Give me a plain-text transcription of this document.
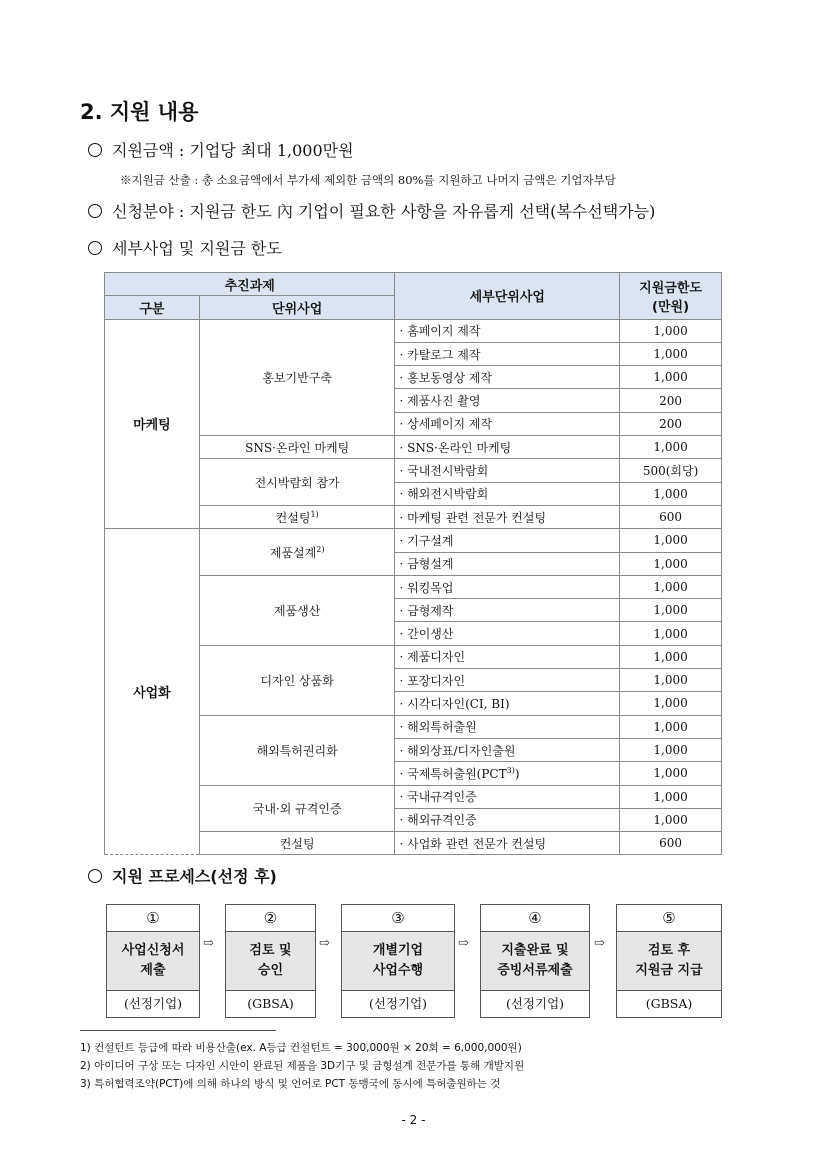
2. 지원 내용
지원금액 : 기업당 최대 1,000만원
※지원금 산출 : 총 소요금액에서 부가세 제외한 금액의 80%를 지원하고 나머지 금액은 기업자부담
신청분야 : 지원금 한도 內 기업이 필요한 사항을 자유롭게 선택(복수선택가능)
세부사업 및 지원금 한도
추진과제		세부단위사업	지원금한도
(만원)
구분	단위사업		
마케팅	홍보기반구축	· 홈페이지 제작	1,000
		· 카탈로그 제작	1,000
		· 홍보동영상 제작	1,000
		· 제품사진 촬영	200
		· 상세페이지 제작	200
	SNS·온라인 마케팅	· SNS·온라인 마케팅	1,000
	전시박람회 참가	· 국내전시박람회	500(회당)
		· 해외전시박람회	1,000
	컨설팅$^{1)}$	· 마케팅 관련 전문가 컨설팅	600
사업화	제품설계$^{2)}$	· 기구설계	1,000
		· 금형설계	1,000
	제품생산	· 워킹목업	1,000
		· 금형제작	1,000
		· 간이생산	1,000
	디자인 상품화	· 제품디자인	1,000
		· 포장디자인	1,000
		· 시각디자인(CI, BI)	1,000
	해외특허권리화	· 해외특허출원	1,000
		· 해외상표/디자인출원	1,000
		· 국제특허출원(PCT$^{3)}$)	1,000
	국내·외 규격인증	· 국내규격인증	1,000
		· 해외규격인증	1,000
	컨설팅	· 사업화 관련 전문가 컨설팅	600
지원 프로세스(선정 후)
①
사업신청서
제출
(선정기업)
⇨
②
검토 및
승인
(GBSA)
⇨
③
개별기업
사업수행
(선정기업)
⇨
④
지출완료 및
증빙서류제출
(선정기업)
⇨
⑤
검토 후
지원금 지급
(GBSA)
1) 컨설턴트 등급에 따라 비용산출(ex. A등급 컨설턴트 = 300,000원 × 20회 = 6,000,000원)
2) 아이디어 구상 또는 디자인 시안이 완료된 제품을 3D기구 및 금형설계 전문가를 통해 개발지원
3) 특허협력조약(PCT)에 의해 하나의 방식 및 언어로 PCT 동맹국에 동시에 특허출원하는 것
- 2 -
